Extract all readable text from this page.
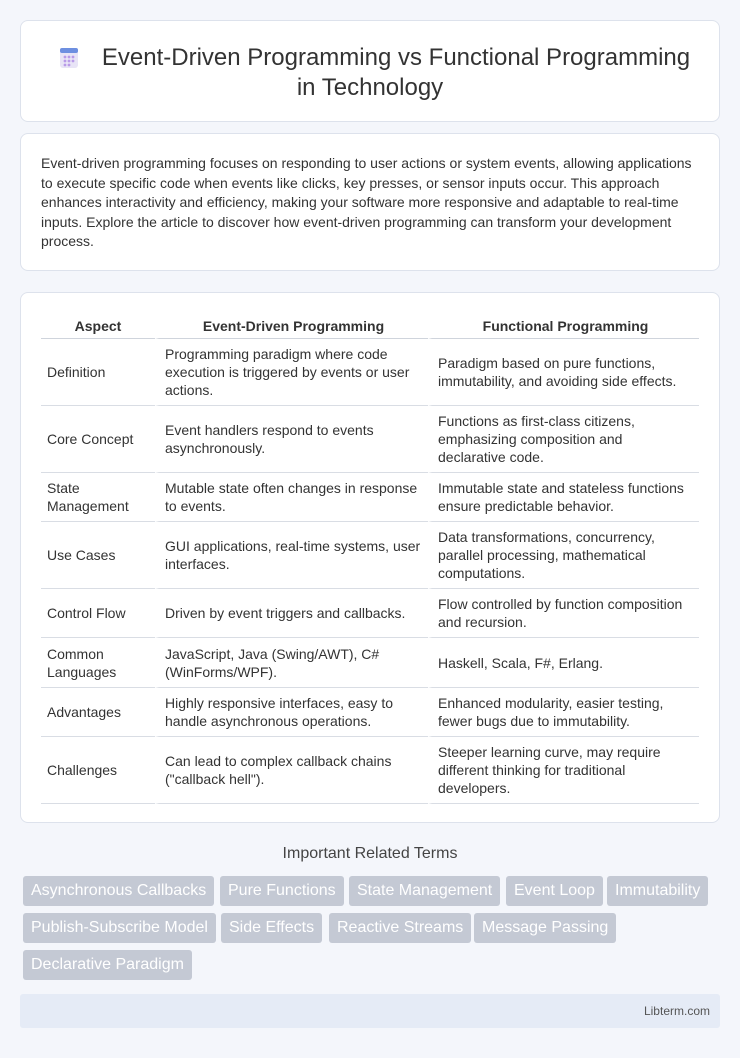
Event-Driven Programming vs Functional Programming
in Technology

Event-driven programming focuses on responding to user actions or system events, allowing applications to execute specific code when events like clicks, key presses, or sensor inputs occur. This approach enhances interactivity and efficiency, making your software more responsive and adaptable to real-time inputs. Explore the article to discover how event-driven programming can transform your development process.

Aspect	Event-Driven Programming	Functional Programming
Definition	Programming paradigm where code execution is triggered by events or user actions.	Paradigm based on pure functions, immutability, and avoiding side effects.
Core Concept	Event handlers respond to events asynchronously.	Functions as first-class citizens, emphasizing composition and declarative code.
State Management	Mutable state often changes in response to events.	Immutable state and stateless functions ensure predictable behavior.
Use Cases	GUI applications, real-time systems, user interfaces.	Data transformations, concurrency, parallel processing, mathematical computations.
Control Flow	Driven by event triggers and callbacks.	Flow controlled by function composition and recursion.
Common Languages	JavaScript, Java (Swing/AWT), C# (WinForms/WPF).	Haskell, Scala, F#, Erlang.
Advantages	Highly responsive interfaces, easy to handle asynchronous operations.	Enhanced modularity, easier testing, fewer bugs due to immutability.
Challenges	Can lead to complex callback chains ("callback hell").	Steeper learning curve, may require different thinking for traditional developers.
Important Related Terms
Asynchronous Callbacks	Pure Functions	State Management	Event Loop	Immutability
Publish-Subscribe Model	Side Effects	Reactive Streams	Message Passing
Declarative Paradigm
Libterm.com
